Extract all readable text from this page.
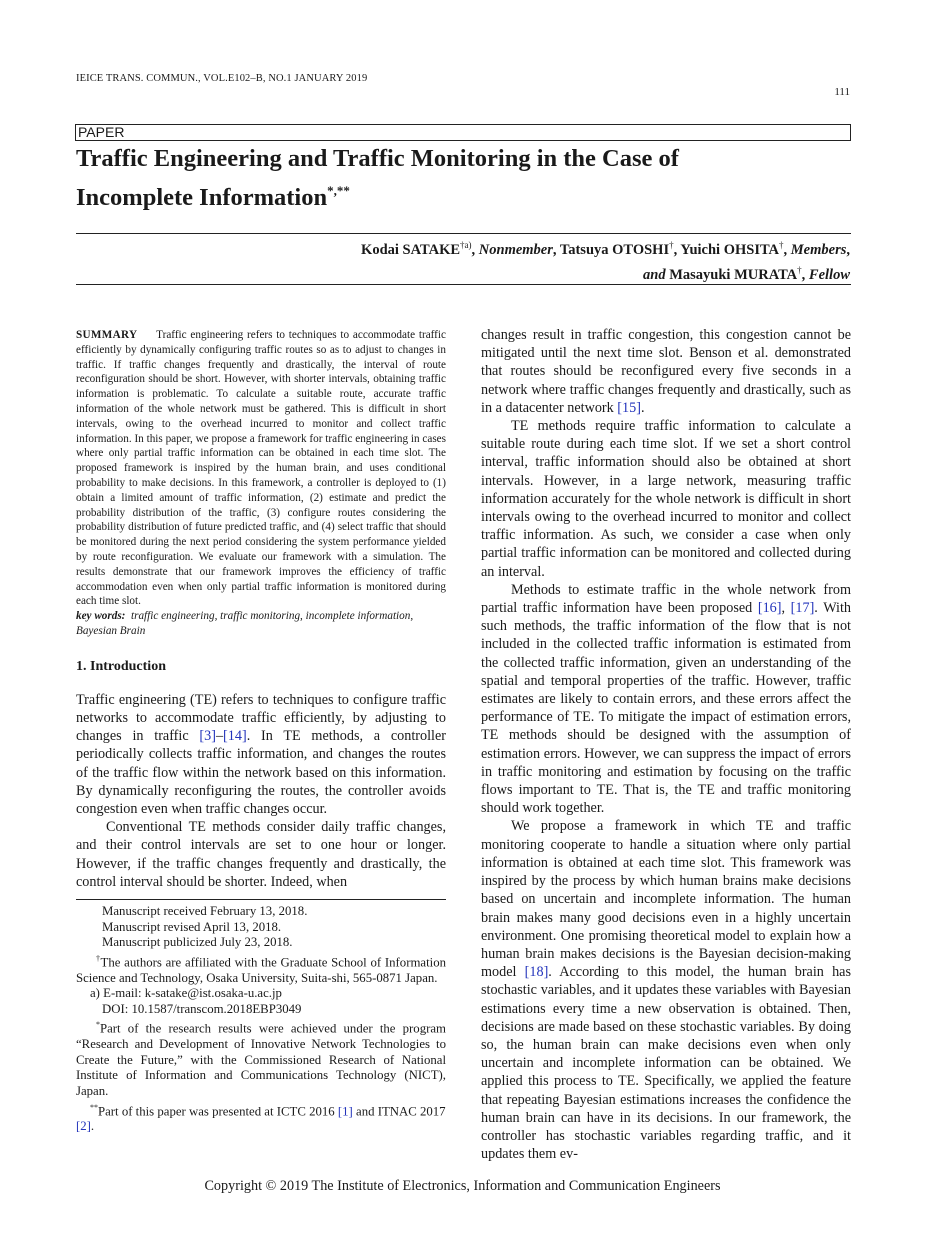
IEICE TRANS. COMMUN., VOL.E102–B, NO.1 JANUARY 2019
111
PAPER
Traffic Engineering and Traffic Monitoring in the Case of
Incomplete Information*,**
Kodai SATAKE$^{\dagger a)}$, Nonmember, Tatsuya OTOSHI†, Yuichi OHSITA†, Members,
and Masayuki MURATA†, Fellow
SUMMARY Traffic engineering refers to techniques to accommodate traffic efficiently by dynamically configuring traffic routes so as to adjust to changes in traffic. If traffic changes frequently and drastically, the interval of route reconfiguration should be short. However, with shorter intervals, obtaining traffic information is problematic. To calculate a suitable route, accurate traffic information of the whole network must be gathered. This is difficult in short intervals, owing to the overhead incurred to monitor and collect traffic information. In this paper, we propose a framework for traffic engineering in cases where only partial traffic information can be obtained in each time slot. The proposed framework is inspired by the human brain, and uses conditional probability to make decisions. In this framework, a controller is deployed to (1) obtain a limited amount of traffic information, (2) estimate and predict the probability distribution of the traffic, (3) configure routes considering the probability distribution of future predicted traffic, and (4) select traffic that should be monitored during the next period considering the system performance yielded by route reconfiguration. We evaluate our framework with a simulation. The results demonstrate that our framework improves the efficiency of traffic accommodation even when only partial traffic information is monitored during each time slot.
key words: traffic engineering, traffic monitoring, incomplete information, Bayesian Brain
1. Introduction

Traffic engineering (TE) refers to techniques to configure traffic networks to accommodate traffic efficiently, by adjusting to changes in traffic [3]–[14]. In TE methods, a controller periodically collects traffic information, and changes the routes of the traffic flow within the network based on this information. By dynamically reconfiguring the routes, the controller avoids congestion even when traffic changes occur.

Conventional TE methods consider daily traffic changes, and their control intervals are set to one hour or longer. However, if the traffic changes frequently and drastically, the control interval should be shorter. Indeed, when

Manuscript received February 13, 2018.
Manuscript revised April 13, 2018.
Manuscript publicized July 23, 2018.
†The authors are affiliated with the Graduate School of Information Science and Technology, Osaka University, Suita-shi, 565-0871 Japan.
a) E-mail: k-satake@ist.osaka-u.ac.jp
DOI: 10.1587/transcom.2018EBP3049
*Part of the research results were achieved under the program “Research and Development of Innovative Network Technologies to Create the Future,” with the Commissioned Research of National Institute of Information and Communications Technology (NICT), Japan.
**Part of this paper was presented at ICTC 2016 [1] and ITNAC 2017 [2].

changes result in traffic congestion, this congestion cannot be mitigated until the next time slot. Benson et al. demonstrated that routes should be reconfigured every five seconds in a network where traffic changes frequently and drastically, such as in a datacenter network [15].

TE methods require traffic information to calculate a suitable route during each time slot. If we set a short control interval, traffic information should also be obtained at short intervals. However, in a large network, measuring traffic information accurately for the whole network is difficult in short intervals owing to the overhead incurred to monitor and collect traffic information. As such, we consider a case when only partial traffic information can be monitored and collected during an interval.

Methods to estimate traffic in the whole network from partial traffic information have been proposed [16], [17]. With such methods, the traffic information of the flow that is not included in the collected traffic information is estimated from the collected traffic information, given an understanding of the spatial and temporal properties of the traffic. However, traffic estimates are likely to contain errors, and these errors affect the performance of TE. To mitigate the impact of estimation errors, TE methods should be designed with the assumption of estimation errors. However, we can suppress the impact of errors in traffic monitoring and estimation by focusing on the traffic flows important to TE. That is, the TE and traffic monitoring should work together.

We propose a framework in which TE and traffic monitoring cooperate to handle a situation where only partial information is obtained at each time slot. This framework was inspired by the process by which human brains make decisions based on uncertain and incomplete information. The human brain makes many good decisions even in a highly uncertain environment. One promising theoretical model to explain how a human brain makes decisions is the Bayesian decision-making model [18]. According to this model, the human brain has stochastic variables, and it updates these variables with Bayesian estimations every time a new observation is obtained. Then, decisions are made based on these stochastic variables. By doing so, the human brain can make decisions even when only uncertain and incomplete information can be obtained. We applied this process to TE. Specifically, we applied the feature that repeating Bayesian estimations increases the confidence the human brain can have in its decisions. In our framework, the controller has stochastic variables regarding traffic, and it updates them ev-

Copyright © 2019 The Institute of Electronics, Information and Communication Engineers
